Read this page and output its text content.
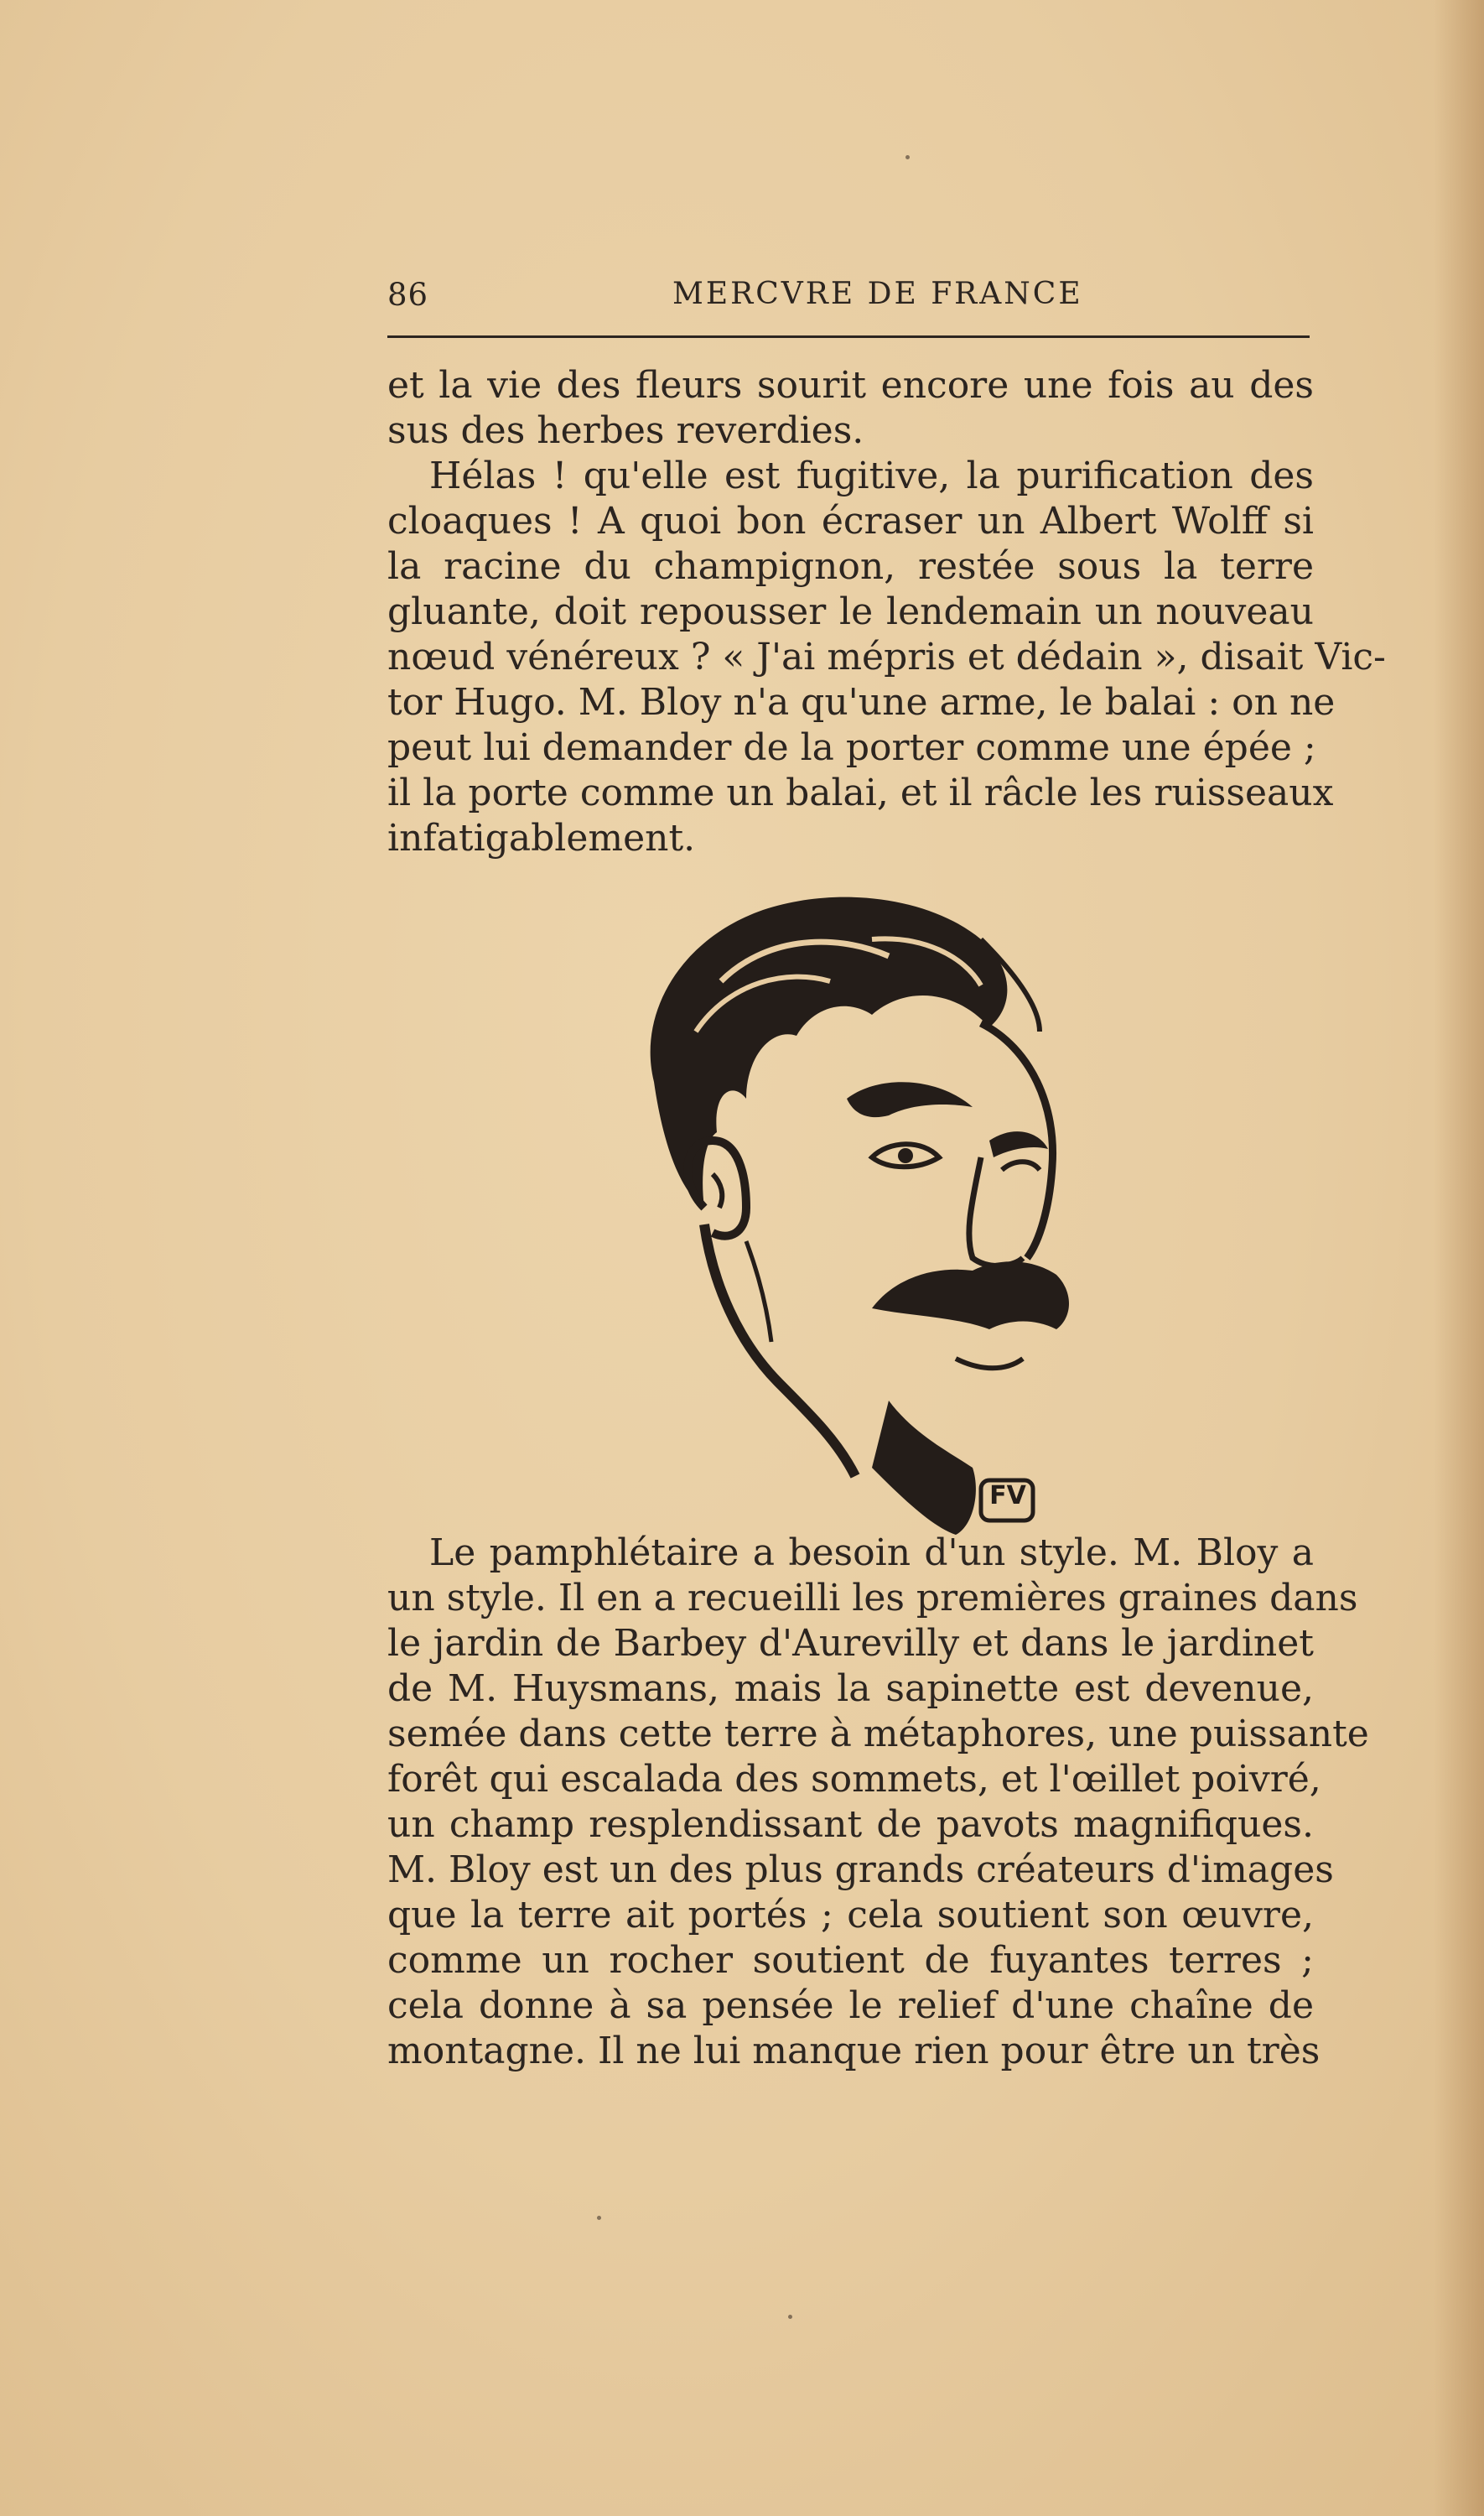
86	MERCVRE DE FRANCE
et la vie des fleurs sourit encore une fois au des
sus des herbes reverdies.
Hélas ! qu'elle est fugitive, la purification des
cloaques ! A quoi bon écraser un Albert Wolff si
la racine du champignon, restée sous la terre
gluante, doit repousser le lendemain un nouveau
nœud vénéreux ? « J'ai mépris et dédain », disait Vic-
tor Hugo. M. Bloy n'a qu'une arme, le balai : on ne
peut lui demander de la porter comme une épée ;
il la porte comme un balai, et il râcle les ruisseaux
infatigablement.
FV
Le pamphlétaire a besoin d'un style. M. Bloy a
un style. Il en a recueilli les premières graines dans
le jardin de Barbey d'Aurevilly et dans le jardinet
de M. Huysmans, mais la sapinette est devenue,
semée dans cette terre à métaphores, une puissante
forêt qui escalada des sommets, et l'œillet poivré,
un champ resplendissant de pavots magnifiques.
M. Bloy est un des plus grands créateurs d'images
que la terre ait portés ; cela soutient son œuvre,
comme un rocher soutient de fuyantes terres ;
cela donne à sa pensée le relief d'une chaîne de
montagne. Il ne lui manque rien pour être un très
